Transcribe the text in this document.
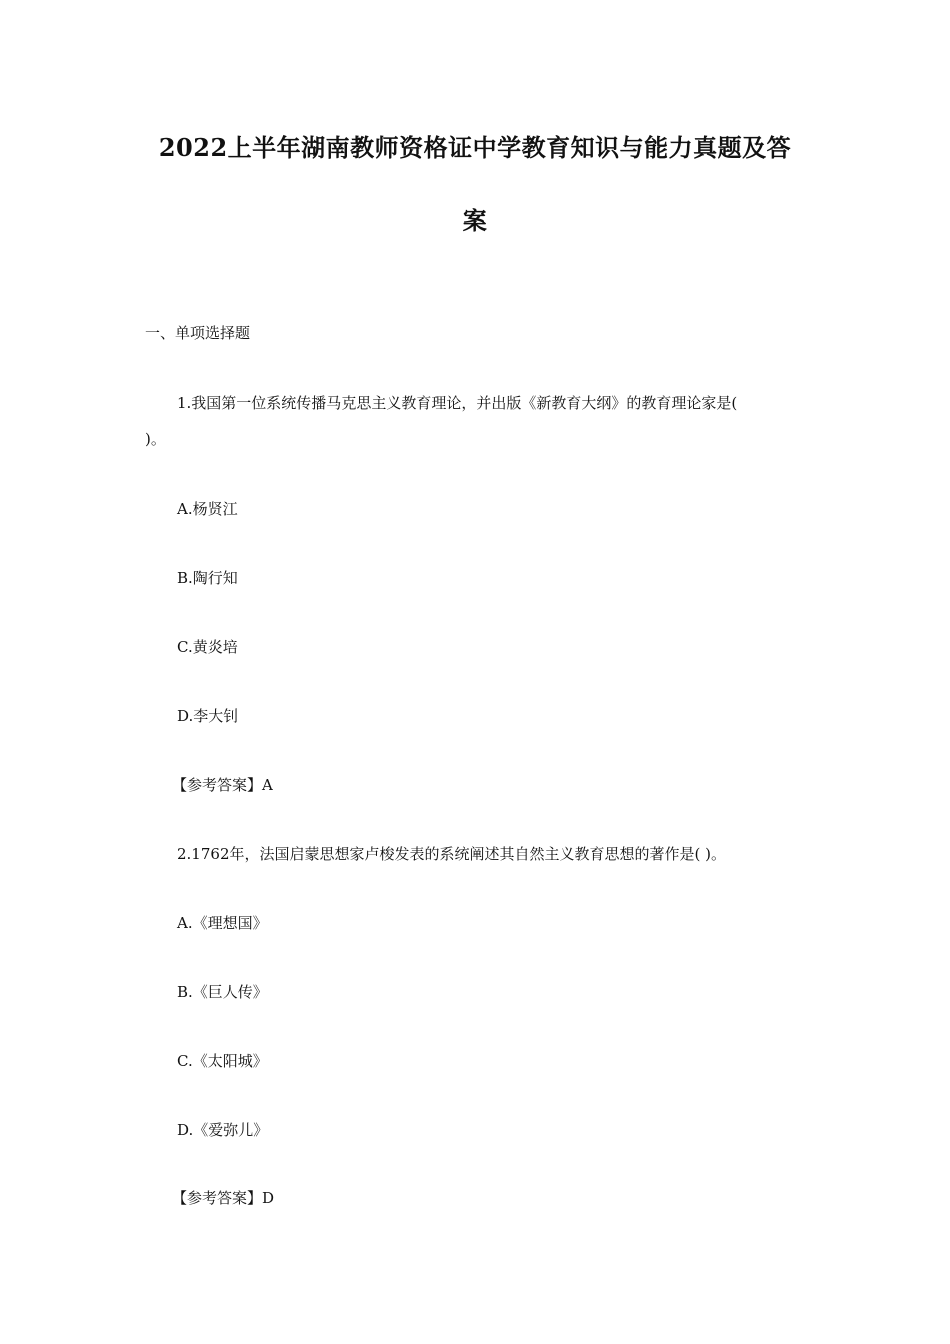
2022上半年湖南教师资格证中学教育知识与能力真题及答
案
一、单项选择题
1.我国第一位系统传播马克思主义教育理论，并出版《新教育大纲》的教育理论家是(
)。
A.杨贤江
B.陶行知
C.黄炎培
D.李大钊
【参考答案】A
2.1762年，法国启蒙思想家卢梭发表的系统阐述其自然主义教育思想的著作是( )。
A.《理想国》
B.《巨人传》
C.《太阳城》
D.《爱弥儿》
【参考答案】D
